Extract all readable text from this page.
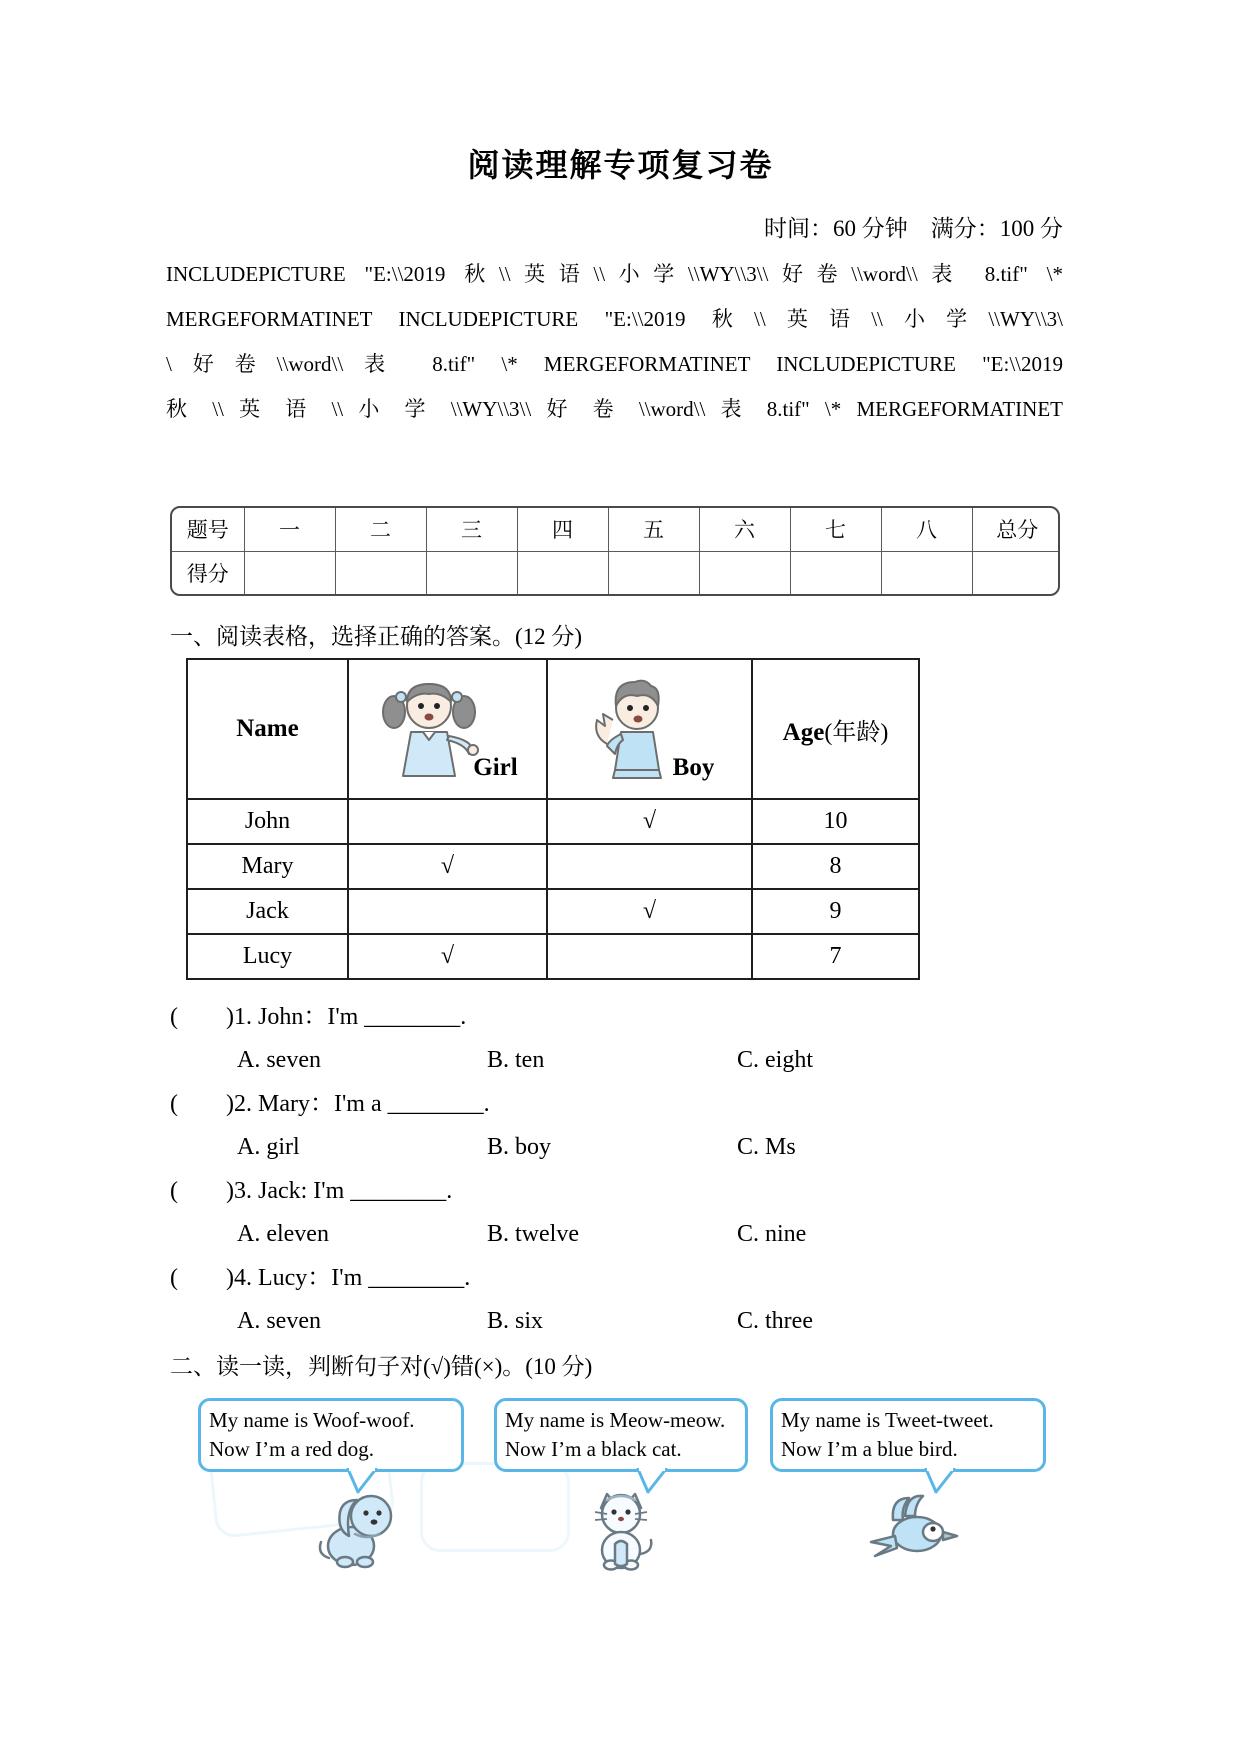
阅读理解专项复习卷
时间：60 分钟　满分：100 分
INCLUDEPICTURE "E:\\2019 秋\\英语\\小学\\WY\\3\\好卷\\word\\表 8.tif" \*
MERGEFORMATINET INCLUDEPICTURE "E:\\2019 秋\\英语\\小学\\WY\\3\
\好卷\\word\\表 8.tif" \* MERGEFORMATINET INCLUDEPICTURE "E:\\2019
秋 \\ 英 语 \\ 小 学 \\WY\\3\\ 好 卷 \\word\\ 表 8.tif" \* MERGEFORMATINET
题号	一	二	三	四	五	六	七	八	总分
得分									
一、阅读表格，选择正确的答案。(12 分)
Name	Girl	Boy	Age(年龄)
John		√	10
Mary	√		8
Jack		√	9
Lucy	√		7
(　　)1. John：I'm ________.
A. seven	B. ten	C. eight
(　　)2. Mary：I'm a ________.
A. girl	B. boy	C. Ms
(　　)3. Jack: I'm ________.
A. eleven	B. twelve	C. nine
(　　)4. Lucy：I'm ________.
A. seven	B. six	C. three
二、读一读，判断句子对(√)错(×)。(10 分)
My name is Woof-woof.
Now I’m a red dog.
My name is Meow-meow.
Now I’m a black cat.
My name is Tweet-tweet.
Now I’m a blue bird.
